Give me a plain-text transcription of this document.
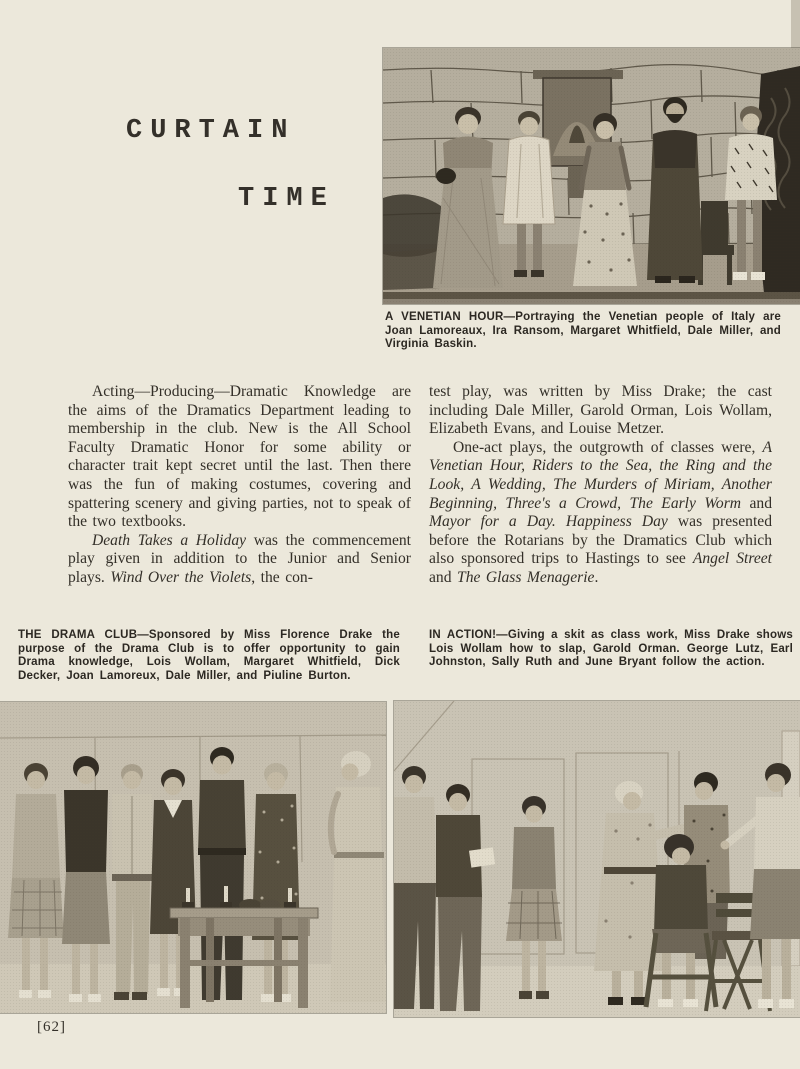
CURTAIN
TIME
A VENETIAN HOUR—Portraying the Venetian people of Italy are Joan Lamoreaux, Ira Ransom, Margaret Whitfield, Dale Miller, and Virginia Baskin.

Acting—Producing—Dramatic Knowledge are the aims of the Dramatics Department leading to membership in the club. New is the All School Faculty Dramatic Honor for some ability or character trait kept secret until the last. Then there was the fun of making costumes, covering and spattering scenery and giving parties, not to speak of the two textbooks.

Death Takes a Holiday was the commencement play given in addition to the Junior and Senior plays. Wind Over the Violets, the con-

test play, was written by Miss Drake; the cast including Dale Miller, Garold Orman, Lois Wollam, Elizabeth Evans, and Louise Metzer.

One-act plays, the outgrowth of classes were, A Venetian Hour, Riders to the Sea, the Ring and the Look, A Wedding, The Murders of Miriam, Another Beginning, Three's a Crowd, The Early Worm and Mayor for a Day. Happiness Day was presented before the Rotarians by the Dramatics Club which also sponsored trips to Hastings to see Angel Street and The Glass Menagerie.

THE DRAMA CLUB—Sponsored by Miss Florence Drake the purpose of the Drama Club is to offer opportunity to gain Drama knowledge, Lois Wollam, Margaret Whitfield, Dick Decker, Joan Lamoreux, Dale Miller, and Piuline Burton.
IN ACTION!—Giving a skit as class work, Miss Drake shows Lois Wollam how to slap, Garold Orman. George Lutz, Earl Johnston, Sally Ruth and June Bryant follow the action.
[62]
